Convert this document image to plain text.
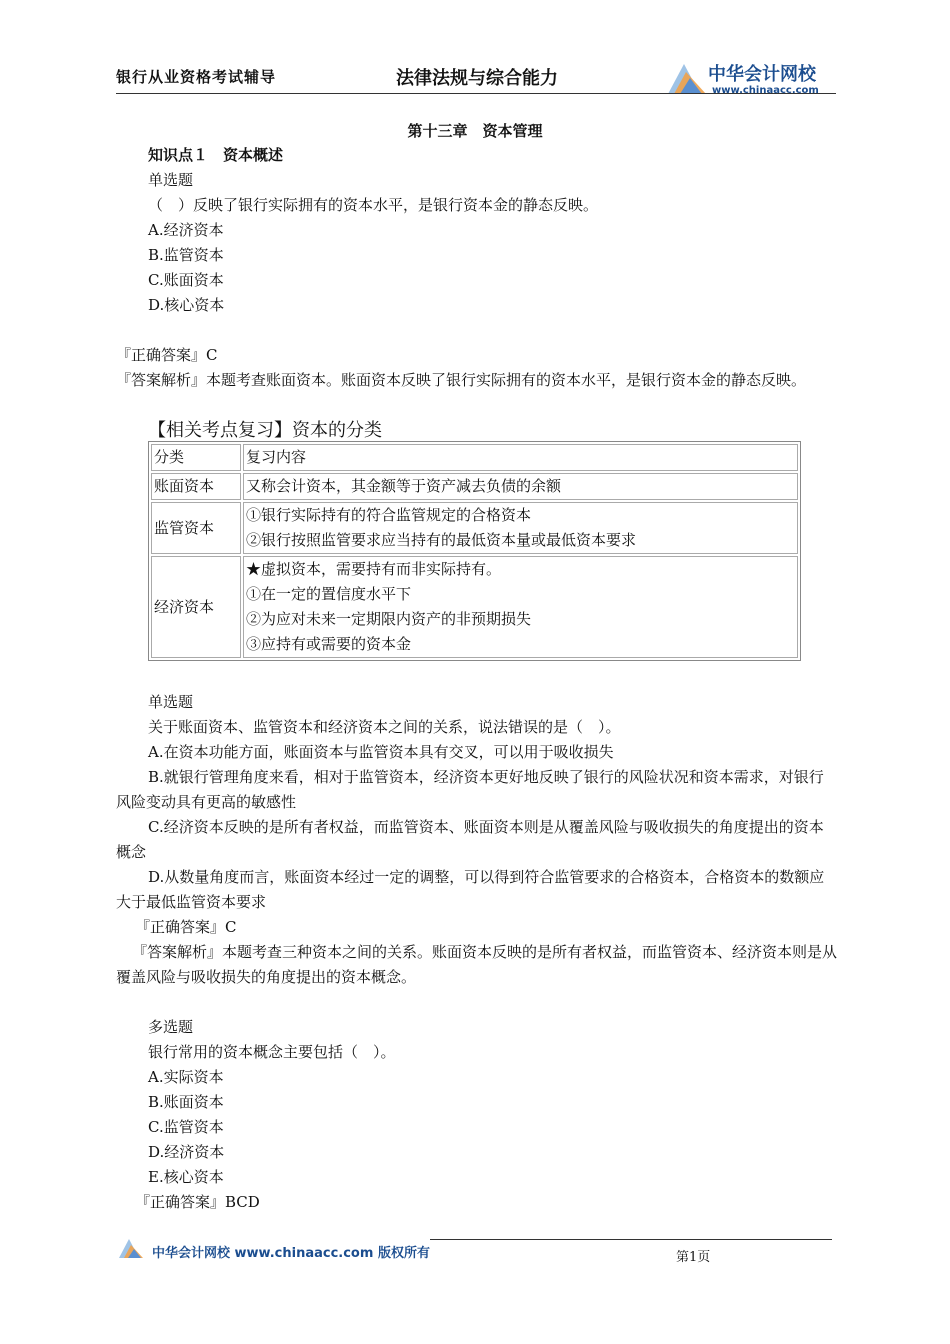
银行从业资格考试辅导	法律法规与综合能力	中华会计网校
www.chinaacc.com
第十三章　资本管理
知识点１　资本概述
单选题
（　）反映了银行实际拥有的资本水平，是银行资本金的静态反映。
A.经济资本
B.监管资本
C.账面资本
D.核心资本
『正确答案』C
『答案解析』本题考查账面资本。账面资本反映了银行实际拥有的资本水平，是银行资本金的静态反映。
【相关考点复习】资本的分类
分类	复习内容
账面资本	又称会计资本，其金额等于资产减去负债的余额

监管资本	①银行实际持有的符合监管规定的合格资本
②银行按照监管要求应当持有的最低资本量或最低资本要求

经济资本	★虚拟资本，需要持有而非实际持有。
①在一定的置信度水平下
②为应对未来一定期限内资产的非预期损失
③应持有或需要的资本金
单选题
关于账面资本、监管资本和经济资本之间的关系，说法错误的是（　）。
A.在资本功能方面，账面资本与监管资本具有交叉，可以用于吸收损失
B.就银行管理角度来看，相对于监管资本，经济资本更好地反映了银行的风险状况和资本需求，对银行风险变动具有更高的敏感性
C.经济资本反映的是所有者权益，而监管资本、账面资本则是从覆盖风险与吸收损失的角度提出的资本概念
D.从数量角度而言，账面资本经过一定的调整，可以得到符合监管要求的合格资本，合格资本的数额应大于最低监管资本要求
『正确答案』C
『答案解析』本题考查三种资本之间的关系。账面资本反映的是所有者权益，而监管资本、经济资本则是从覆盖风险与吸收损失的角度提出的资本概念。
多选题
银行常用的资本概念主要包括（　）。
A.实际资本
B.账面资本
C.监管资本
D.经济资本
E.核心资本
『正确答案』BCD
中华会计网校 www.chinaacc.com 版权所有	第1页
